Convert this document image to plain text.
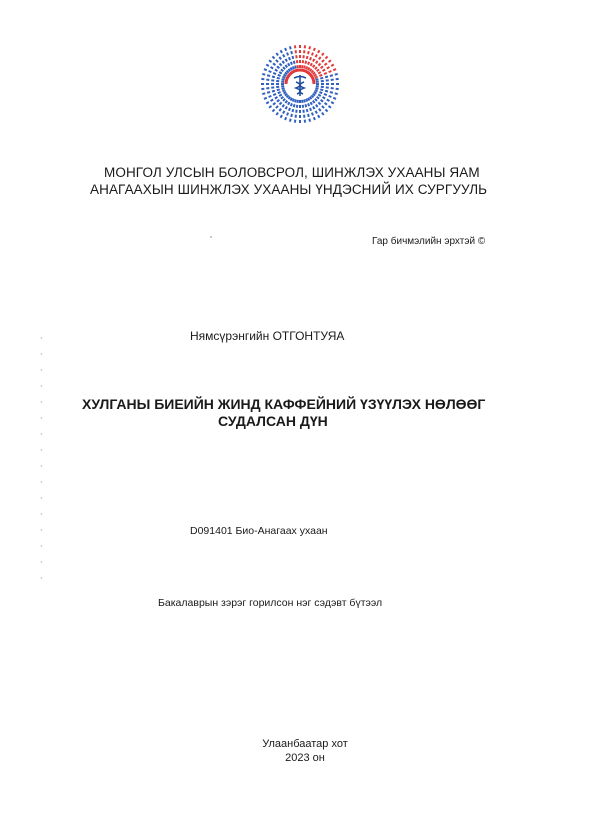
МОНГОЛ УЛСЫН БОЛОВСРОЛ, ШИНЖЛЭХ УХААНЫ ЯАМ
АНАГААХЫН ШИНЖЛЭХ УХААНЫ ҮНДЭСНИЙ ИХ СУРГУУЛЬ
Гар бичмэлийн эрхтэй ©
Нямсүрэнгийн ОТГОНТУЯА
ХУЛГАНЫ БИЕИЙН ЖИНД КАФФЕЙНИЙ ҮЗҮҮЛЭХ НӨЛӨӨГ
СУДАЛСАН ДҮН
D091401 Био-Анагаах ухаан
Бакалаврын зэрэг горилсон нэг сэдэвт бүтээл
Улаанбаатар хот
2023 он
